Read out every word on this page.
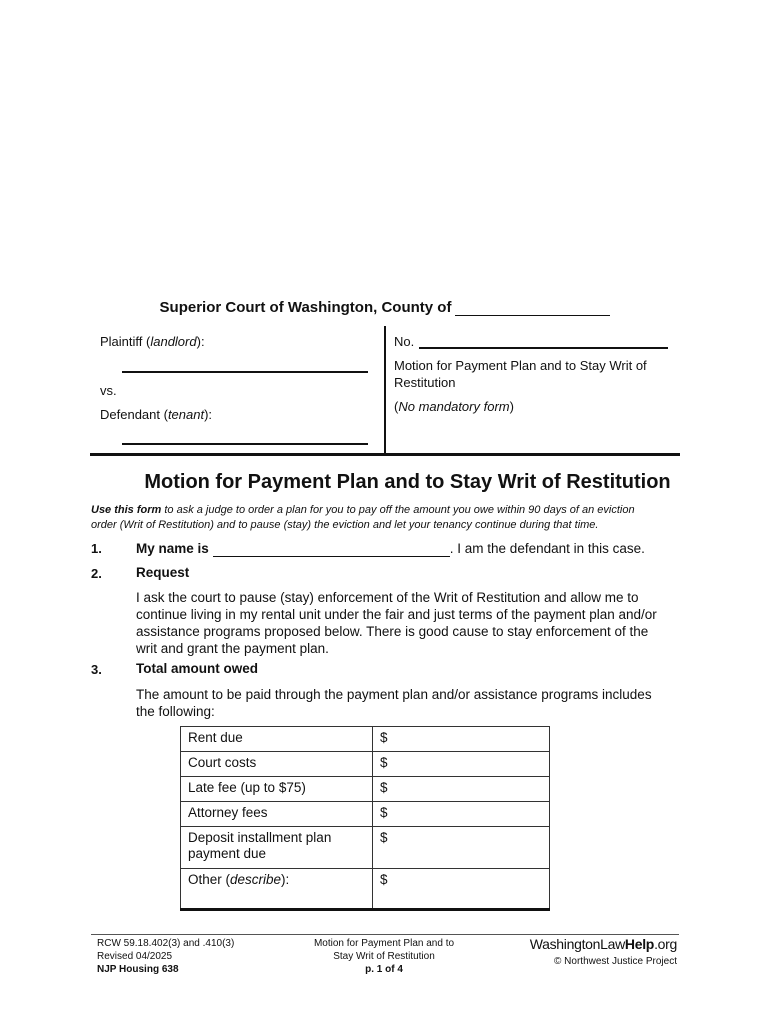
Superior Court of Washington, County of
Plaintiff (landlord):
vs.
Defendant (tenant):
No.
Motion for Payment Plan and to Stay Writ of
Restitution
(No mandatory form)
Motion for Payment Plan and to Stay Writ of Restitution
Use this form to ask a judge to order a plan for you to pay off the amount you owe within 90 days of an eviction
order (Writ of Restitution) and to pause (stay) the eviction and let your tenancy continue during that time.
1.	My name is	. I am the defendant in this case.
2.	Request
I ask the court to pause (stay) enforcement of the Writ of Restitution and allow me to
continue living in my rental unit under the fair and just terms of the payment plan and/or
assistance programs proposed below. There is good cause to stay enforcement of the
writ and grant the payment plan.
3.	Total amount owed
The amount to be paid through the payment plan and/or assistance programs includes
the following:
Rent due	$
Court costs	$
Late fee (up to $75)	$
Attorney fees	$
Deposit installment plan payment due	$
Other (describe):	$
RCW 59.18.402(3) and .410(3)
Revised 04/2025
NJP Housing 638
Motion for Payment Plan and to
Stay Writ of Restitution
p. 1 of 4
WashingtonLawHelp.org
© Northwest Justice Project
